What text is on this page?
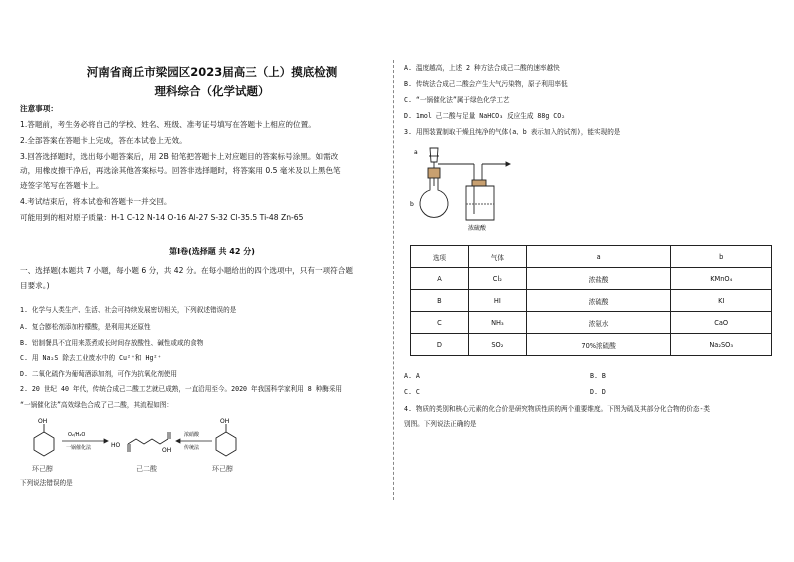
河南省商丘市梁园区2023届高三（上）摸底检测
理科综合（化学试题）
注意事项：
1.答题前，考生务必将自己的学校、姓名、班级、准考证号填写在答题卡上相应的位置。
2.全部答案在答题卡上完成，答在本试卷上无效。
3.回答选择题时，选出每小题答案后，用 2B 铅笔把答题卡上对应题目的答案标号涂黑。如需改
动，用橡皮擦干净后，再选涂其他答案标号。回答非选择题时，将答案用 0.5 毫米及以上黑色笔
迹签字笔写在答题卡上。
4.考试结束后，将本试卷和答题卡一并交回。
可能用到的相对原子质量：H-1 C-12 N-14 O-16 Al-27 S-32 Cl-35.5 Ti-48 Zn-65
第Ⅰ卷(选择题 共 42 分)
一、选择题(本题共 7 小题，每小题 6 分，共 42 分。在每小题给出的四个选项中，只有一项符合题
目要求。)
1. 化学与人类生产、生活、社会可持续发展密切相关，下列叙述错误的是
A. 复合膨松剂添加柠檬酸，是利用其还原性
B. 铝制餐具不宜用来蒸煮或长时间存放酸性、碱性或咸的食物
C. 用 Na₂S 除去工业废水中的 Cu²⁺和 Hg²⁺
D. 二氧化硫作为葡萄酒添加剂，可作为抗氧化剂使用
2. 20 世纪 40 年代，传统合成己二酸工艺就已成熟，一直沿用至今。2020 年我国科学家利用 8 种酶采用
“一锅催化法”高效绿色合成了己二酸，其流程如图：
OH
O₂/H₂O
一锅催化法	HO
OH
浓硝酸
传统法
OH
环己醇	己二酸	环己醇
下列说法错误的是
A. 温度越高，上述 2 种方法合成己二酸的速率越快
B. 传统法合成己二酸会产生大气污染物，原子利用率低
C. “一锅催化法”属于绿色化学工艺
D. 1mol 己二酸与足量 NaHCO₃ 反应生成 88g CO₂
3. 用图装置制取干燥且纯净的气体(a、b 表示加入的试剂)，能实现的是
a
b
浓硫酸
选项	气体	a	b
A	Cl₂	浓盐酸	KMnO₄
B	HI	浓硫酸	KI
C	NH₃	浓氨水	CaO
D	SO₂	70%浓硫酸	Na₂SO₃
A. A	B. B
C. C	D. D
4. 物质的类别和核心元素的化合价是研究物质性质的两个重要维度。下图为硫及其部分化合物的价态-类
别图。下列说法正确的是
